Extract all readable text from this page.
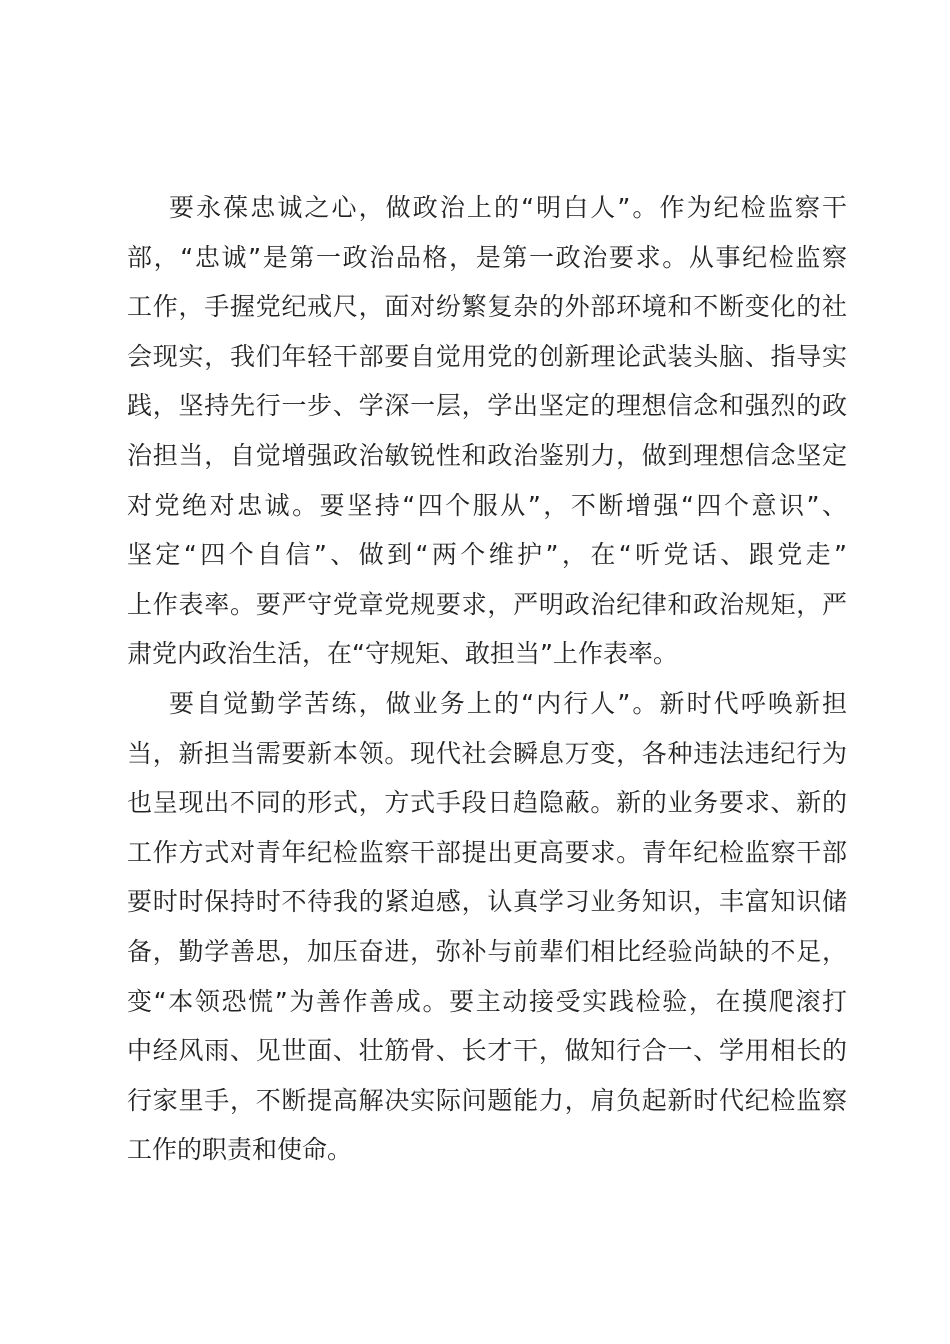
要永葆忠诚之心，做政治上的“明白人”。作为纪检监察干
部，“忠诚”是第一政治品格，是第一政治要求。从事纪检监察
工作，手握党纪戒尺，面对纷繁复杂的外部环境和不断变化的社
会现实，我们年轻干部要自觉用党的创新理论武装头脑、指导实
践，坚持先行一步、学深一层，学出坚定的理想信念和强烈的政
治担当，自觉增强政治敏锐性和政治鉴别力，做到理想信念坚定
对党绝对忠诚。要坚持“四个服从”，不断增强“四个意识”、
坚定“四个自信”、做到“两个维护”，在“听党话、跟党走”
上作表率。要严守党章党规要求，严明政治纪律和政治规矩，严
肃党内政治生活，在“守规矩、敢担当”上作表率。
要自觉勤学苦练，做业务上的“内行人”。新时代呼唤新担
当，新担当需要新本领。现代社会瞬息万变，各种违法违纪行为
也呈现出不同的形式，方式手段日趋隐蔽。新的业务要求、新的
工作方式对青年纪检监察干部提出更高要求。青年纪检监察干部
要时时保持时不待我的紧迫感，认真学习业务知识，丰富知识储
备，勤学善思，加压奋进，弥补与前辈们相比经验尚缺的不足，
变“本领恐慌”为善作善成。要主动接受实践检验，在摸爬滚打
中经风雨、见世面、壮筋骨、长才干，做知行合一、学用相长的
行家里手，不断提高解决实际问题能力，肩负起新时代纪检监察
工作的职责和使命。
